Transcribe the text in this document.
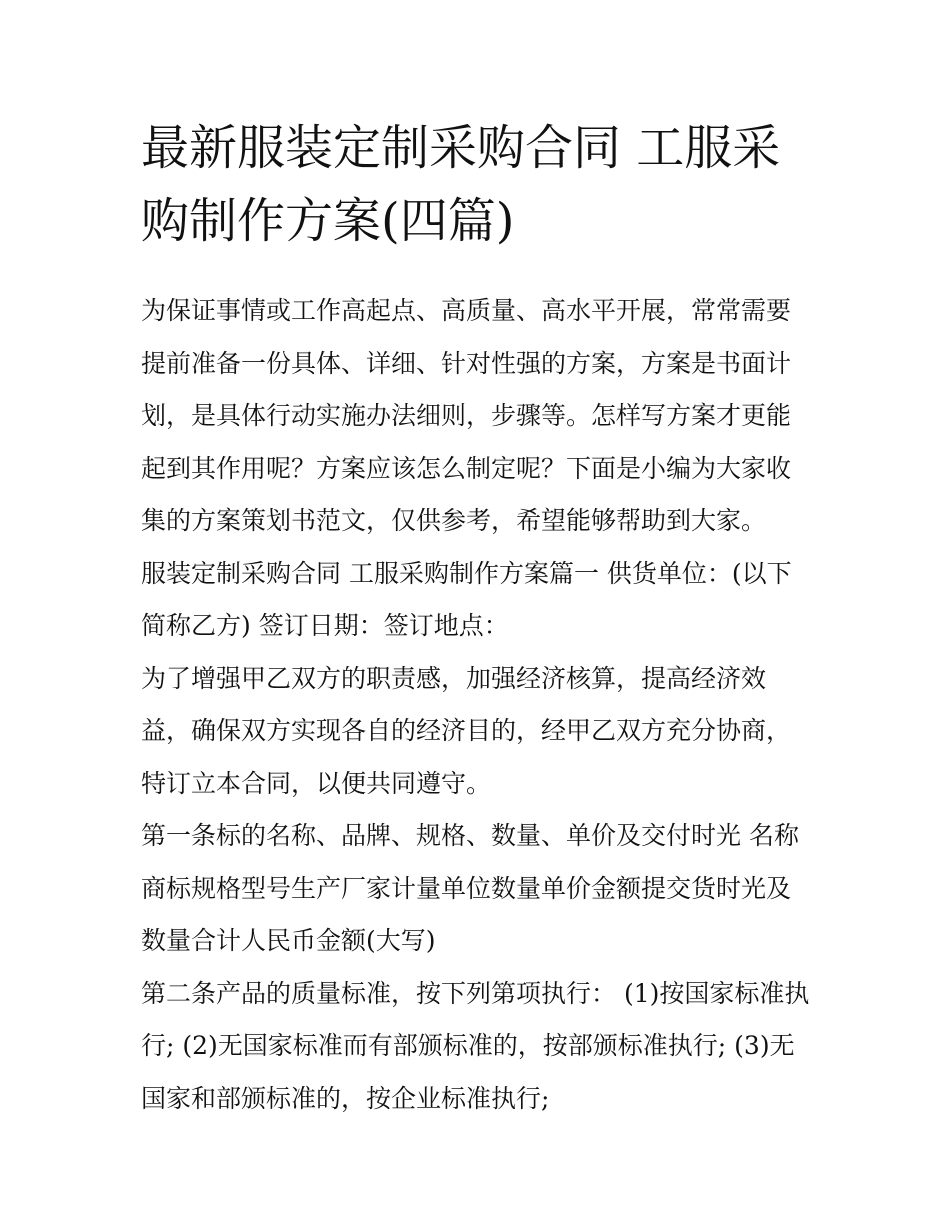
最新服装定制采购合同 工服采购制作方案(四篇)

为保证事情或工作高起点、高质量、高水平开展，常常需要提前准备一份具体、详细、针对性强的方案，方案是书面计划，是具体行动实施办法细则，步骤等。怎样写方案才更能起到其作用呢？方案应该怎么制定呢？下面是小编为大家收集的方案策划书范文，仅供参考，希望能够帮助到大家。

服装定制采购合同 工服采购制作方案篇一 供货单位：(以下简称乙方) 签订日期：签订地点：

为了增强甲乙双方的职责感，加强经济核算，提高经济效益，确保双方实现各自的经济目的，经甲乙双方充分协商，特订立本合同，以便共同遵守。

第一条标的名称、品牌、规格、数量、单价及交付时光 名称商标规格型号生产厂家计量单位数量单价金额提交货时光及数量合计人民币金额(大写)

第二条产品的质量标准，按下列第项执行： (1)按国家标准执行; (2)无国家标准而有部颁标准的，按部颁标准执行; (3)无国家和部颁标准的，按企业标准执行;
